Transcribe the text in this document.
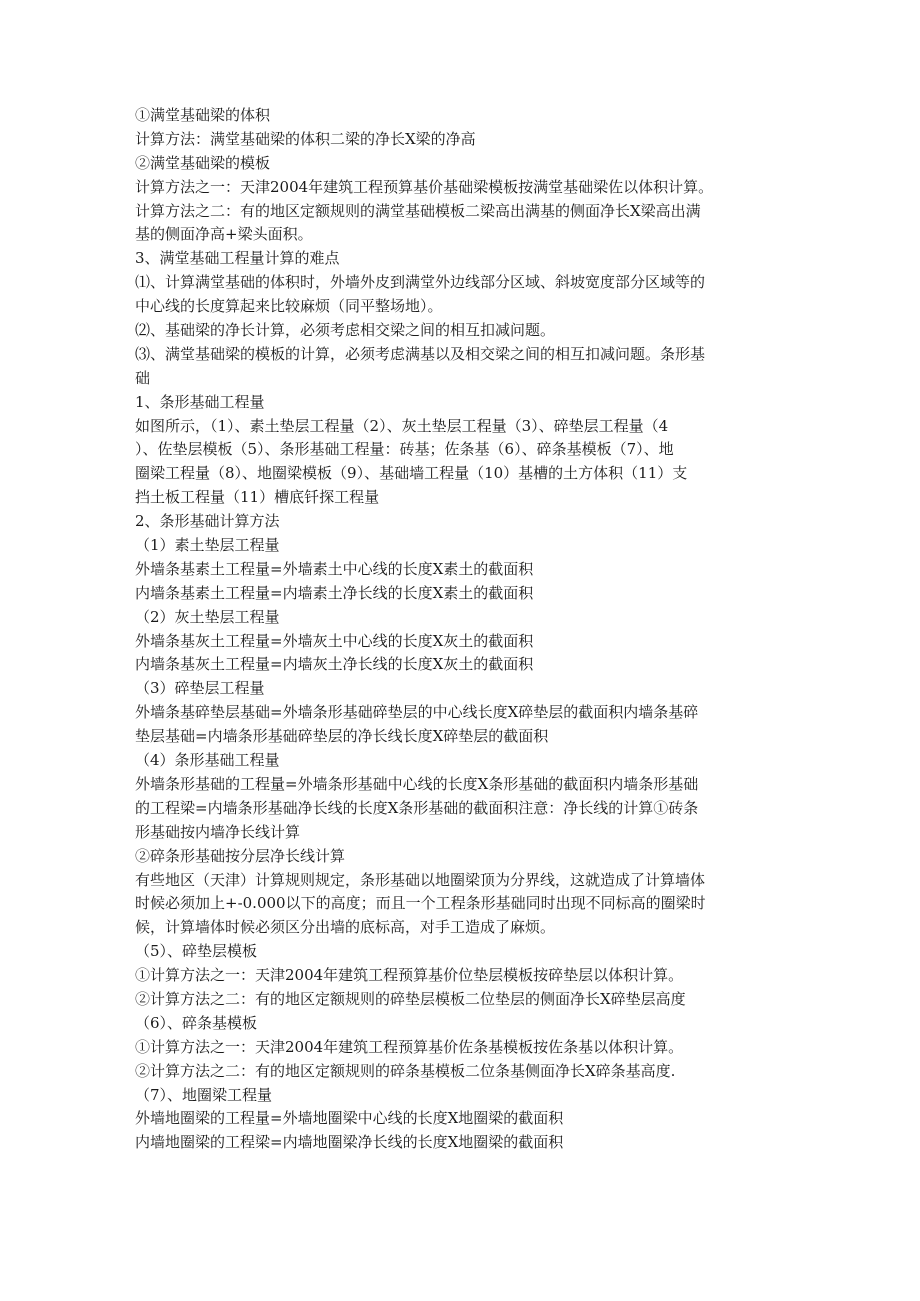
①满堂基础梁的体积
计算方法：满堂基础梁的体积二梁的净长X梁的净高
②满堂基础梁的模板
计算方法之一：天津2004年建筑工程预算基价基础梁模板按满堂基础梁佐以体积计算。
计算方法之二：有的地区定额规则的满堂基础模板二梁高出满基的侧面净长X梁高出满
基的侧面净高+梁头面积。
3、满堂基础工程量计算的难点
⑴、计算满堂基础的体积时，外墙外皮到满堂外边线部分区域、斜坡宽度部分区域等的
中心线的长度算起来比较麻烦（同平整场地）。
⑵、基础梁的净长计算，必须考虑相交梁之间的相互扣减问题。
⑶、满堂基础梁的模板的计算，必须考虑满基以及相交梁之间的相互扣减问题。条形基
础
1、条形基础工程量
如图所示，（1）、素土垫层工程量（2）、灰土垫层工程量（3）、碎垫层工程量（4
）、佐垫层模板（5）、条形基础工程量：砖基；佐条基（6）、碎条基模板（7）、地
圈梁工程量（8）、地圈梁模板（9）、基础墙工程量（10）基槽的土方体积（11）支
挡土板工程量（11）槽底钎探工程量
2、条形基础计算方法
（1）素土垫层工程量
外墙条基素土工程量=外墙素土中心线的长度X素土的截面积
内墙条基素土工程量=内墙素土净长线的长度X素土的截面积
（2）灰土垫层工程量
外墙条基灰土工程量=外墙灰土中心线的长度X灰土的截面积
内墙条基灰土工程量=内墙灰土净长线的长度X灰土的截面积
（3）碎垫层工程量
外墙条基碎垫层基础=外墙条形基础碎垫层的中心线长度X碎垫层的截面积内墙条基碎
垫层基础=内墙条形基础碎垫层的净长线长度X碎垫层的截面积
（4）条形基础工程量
外墙条形基础的工程量=外墙条形基础中心线的长度X条形基础的截面积内墙条形基础
的工程梁=内墙条形基础净长线的长度X条形基础的截面积注意：净长线的计算①砖条
形基础按内墙净长线计算
②碎条形基础按分层净长线计算
有些地区（天津）计算规则规定，条形基础以地圈梁顶为分界线，这就造成了计算墙体
时候必须加上+-0.000以下的高度；而且一个工程条形基础同时出现不同标高的圈梁时
候，计算墙体时候必须区分出墙的底标高，对手工造成了麻烦。
（5）、碎垫层模板
①计算方法之一：天津2004年建筑工程预算基价位垫层模板按碎垫层以体积计算。
②计算方法之二：有的地区定额规则的碎垫层模板二位垫层的侧面净长X碎垫层高度
（6）、碎条基模板
①计算方法之一：天津2004年建筑工程预算基价佐条基模板按佐条基以体积计算。
②计算方法之二：有的地区定额规则的碎条基模板二位条基侧面净长X碎条基高度.
（7）、地圈梁工程量
外墙地圈梁的工程量=外墙地圈梁中心线的长度X地圈梁的截面积
内墙地圈梁的工程梁=内墙地圈梁净长线的长度X地圈梁的截面积
